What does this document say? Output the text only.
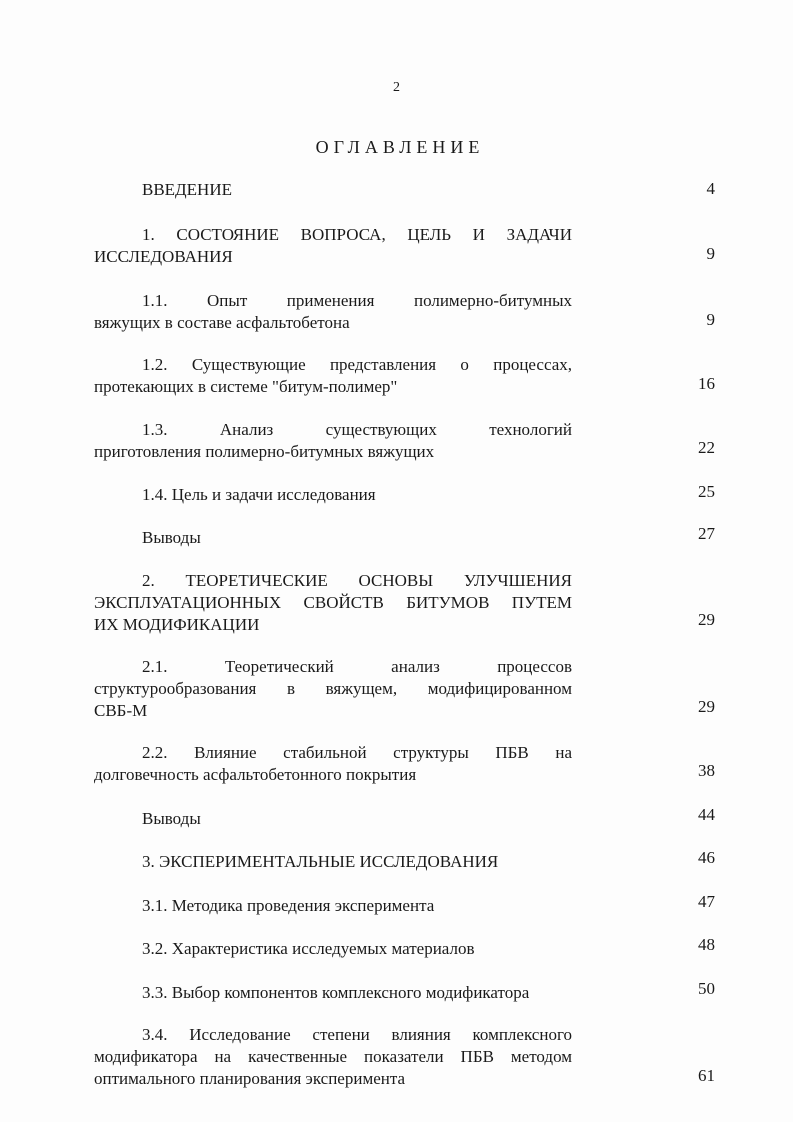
2
ОГЛАВЛЕНИЕ
ВВЕДЕНИЕ	4
1. СОСТОЯНИЕ ВОПРОСА, ЦЕЛЬ И ЗАДАЧИ
ИССЛЕДОВАНИЯ	9
1.1. Опыт применения полимерно-битумных
вяжущих в составе асфальтобетона	9
1.2. Существующие представления о процессах,
протекающих в системе "битум-полимер"	16
1.3. Анализ существующих технологий
приготовления полимерно-битумных вяжущих	22
1.4. Цель и задачи исследования	25
Выводы	27
2. ТЕОРЕТИЧЕСКИЕ ОСНОВЫ УЛУЧШЕНИЯ
ЭКСПЛУАТАЦИОННЫХ СВОЙСТВ БИТУМОВ ПУТЕМ
ИХ МОДИФИКАЦИИ	29
2.1. Теоретический анализ процессов
структурообразования в вяжущем, модифицированном
СВБ-М	29
2.2. Влияние стабильной структуры ПБВ на
долговечность асфальтобетонного покрытия	38
Выводы	44
3. ЭКСПЕРИМЕНТАЛЬНЫЕ ИССЛЕДОВАНИЯ	46
3.1. Методика проведения эксперимента	47
3.2. Характеристика исследуемых материалов	48
3.3. Выбор компонентов комплексного модификатора	50
3.4. Исследование степени влияния комплексного
модификатора на качественные показатели ПБВ методом
оптимального планирования эксперимента	61
